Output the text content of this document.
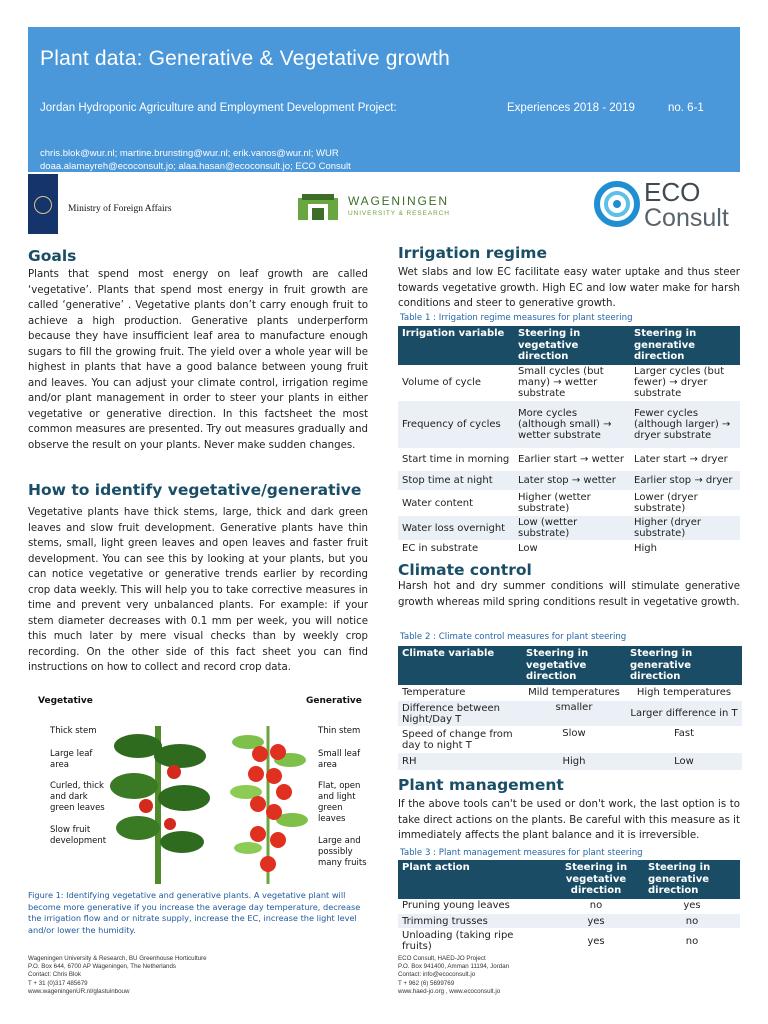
Plant data: Generative & Vegetative growth
Jordan Hydroponic Agriculture and Employment Development Project:	Experiences 2018 - 2019	no. 6-1
chris.blok@wur.nl; martine.brunsting@wur.nl; erik.vanos@wur.nl; WUR
doaa.alamayreh@ecoconsult.jo; alaa.hasan@ecoconsult.jo; ECO Consult
Ministry of Foreign Affairs
WAGENINGEN
UNIVERSITY & RESEARCH
ECO
Consult
Goals
Plants that spend most energy on leaf growth are called ‘vegetative’. Plants that spend most energy in fruit growth are called ‘generative’ . Vegetative plants don’t carry enough fruit to achieve a high production. Generative plants underperform because they have insufficient leaf area to manufacture enough sugars to fill the growing fruit. The yield over a whole year will be highest in plants that have a good balance between young fruit and leaves. You can adjust your climate control, irrigation regime and/or plant management in order to steer your plants in either vegetative or generative direction. In this factsheet the most common measures are presented. Try out measures gradually and observe the result on your plants. Never make sudden changes.
How to identify vegetative/generative
Vegetative plants have thick stems, large, thick and dark green leaves and slow fruit development. Generative plants have thin stems, small, light green leaves and open leaves and faster fruit development. You can see this by looking at your plants, but you can notice vegetative or generative trends earlier by recording crop data weekly. This will help you to take corrective measures in time and prevent very unbalanced plants. For example: if your stem diameter decreases with 0.1 mm per week, you will notice this much later by mere visual checks than by weekly crop recording. On the other side of this fact sheet you can find instructions on how to collect and record crop data.
Vegetative	Generative
Thick stem
Large leaf area
Curled, thick and dark green leaves
Slow fruit development
Thin stem
Small leaf area
Flat, open and light green leaves
Large and possibly many fruits
Figure 1: Identifying vegetative and generative plants. A vegetative plant will become more generative if you increase the average day temperature, decrease the irrigation flow and or nitrate supply, increase the EC, increase the light level and/or lower the humidity.
Irrigation regime
Wet slabs and low EC facilitate easy water uptake and thus steer towards vegetative growth. High EC and low water make for harsh conditions and steer to generative growth.
Table 1 : Irrigation regime measures for plant steering
Irrigation variable	Steering in vegetative direction	Steering in generative direction
Volume of cycle	Small cycles (but many) → wetter substrate	Larger cycles (but fewer) → dryer substrate
Frequency of cycles	More cycles (although small) → wetter substrate	Fewer cycles (although larger) → dryer substrate
Start time in morning	Earlier start → wetter	Later start → dryer
Stop time at night	Later stop → wetter	Earlier stop → dryer
Water content	Higher (wetter substrate)	Lower (dryer substrate)
Water loss overnight	Low (wetter substrate)	Higher (dryer substrate)
EC in substrate	Low	High
Climate control
Harsh hot and dry summer conditions will stimulate generative growth whereas mild spring conditions result in vegetative growth.
Table 2 : Climate control measures for plant steering
Climate variable	Steering in vegetative direction	Steering in generative direction
Temperature	Mild temperatures	High temperatures
Difference between Night/Day T	smaller	Larger difference in T
Speed of change from day to night T	Slow	Fast
RH	High	Low
Plant management
If the above tools can't be used or don't work, the last option is to take direct actions on the plants. Be careful with this measure as it immediately affects the plant balance and it is irreversible.
Table 3 : Plant management measures for plant steering
Plant action	Steering in vegetative direction	Steering in generative direction
Pruning young leaves	no	yes
Trimming trusses	yes	no
Unloading (taking ripe fruits)	yes	no
Wageningen University & Research, BU Greenhouse Horticulture
P.O. Box 644, 6700 AP Wageningen, The Netherlands
Contact: Chris Blok
T + 31 (0)317 485679
www.wageningenUR.nl/glastuinbouw
ECO Consult, HAED-JO Project
P.O. Box 941400, Amman 11194, Jordan
Contact: info@ecoconsult.jo
T + 962 (6) 5699769
www.haed-jo.org , www.ecoconsult.jo
